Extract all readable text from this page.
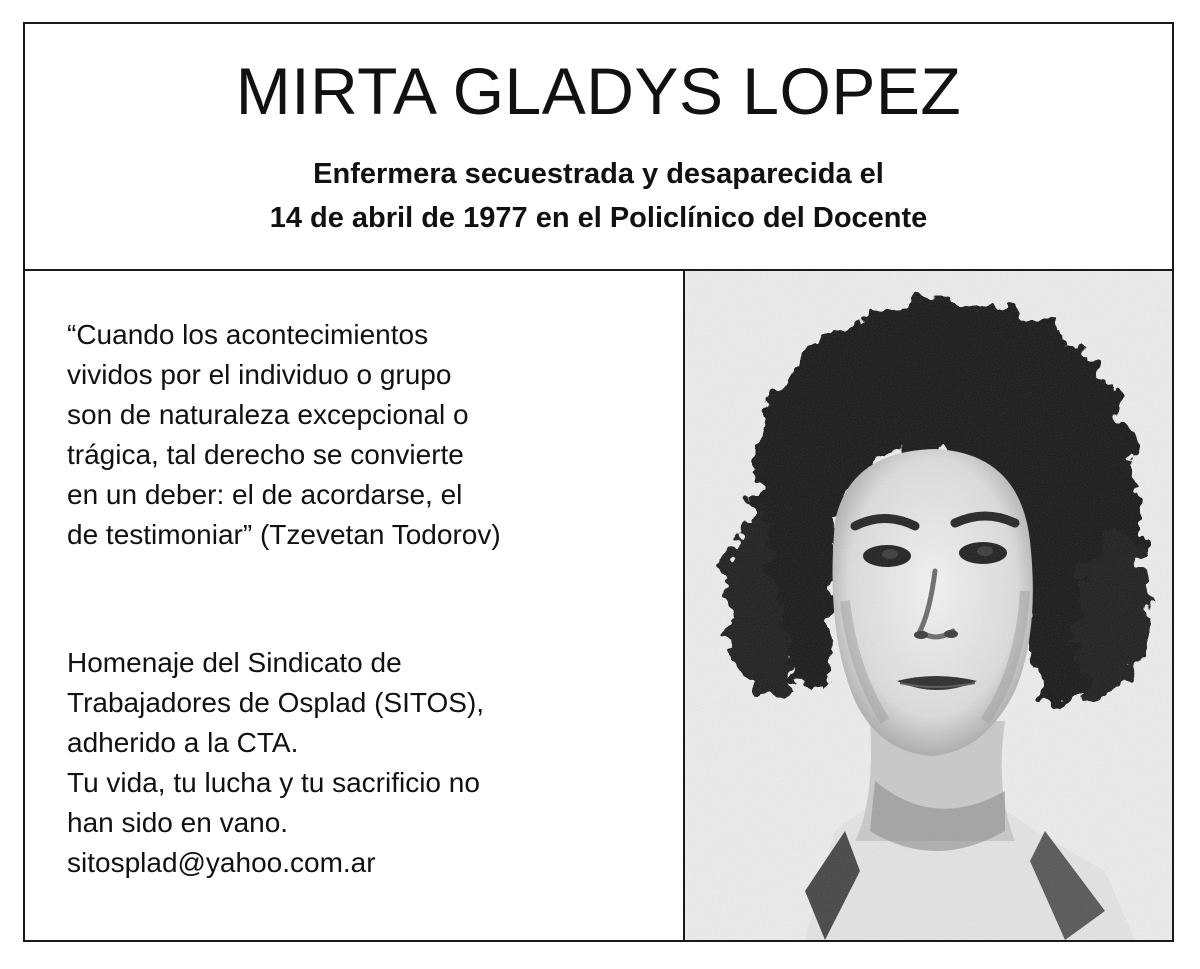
MIRTA GLADYS LOPEZ

Enfermera secuestrada y desaparecida el
14 de abril de 1977 en el Policlínico del Docente

“Cuando los acontecimientos
vividos por el individuo o grupo
son de naturaleza excepcional o
trágica, tal derecho se convierte
en un deber: el de acordarse, el
de testimoniar” (Tzevetan Todorov)

Homenaje del Sindicato de
Trabajadores de Osplad (SITOS),
adherido a la CTA.
Tu vida, tu lucha y tu sacrificio no
han sido en vano.
sitosplad@yahoo.com.ar
